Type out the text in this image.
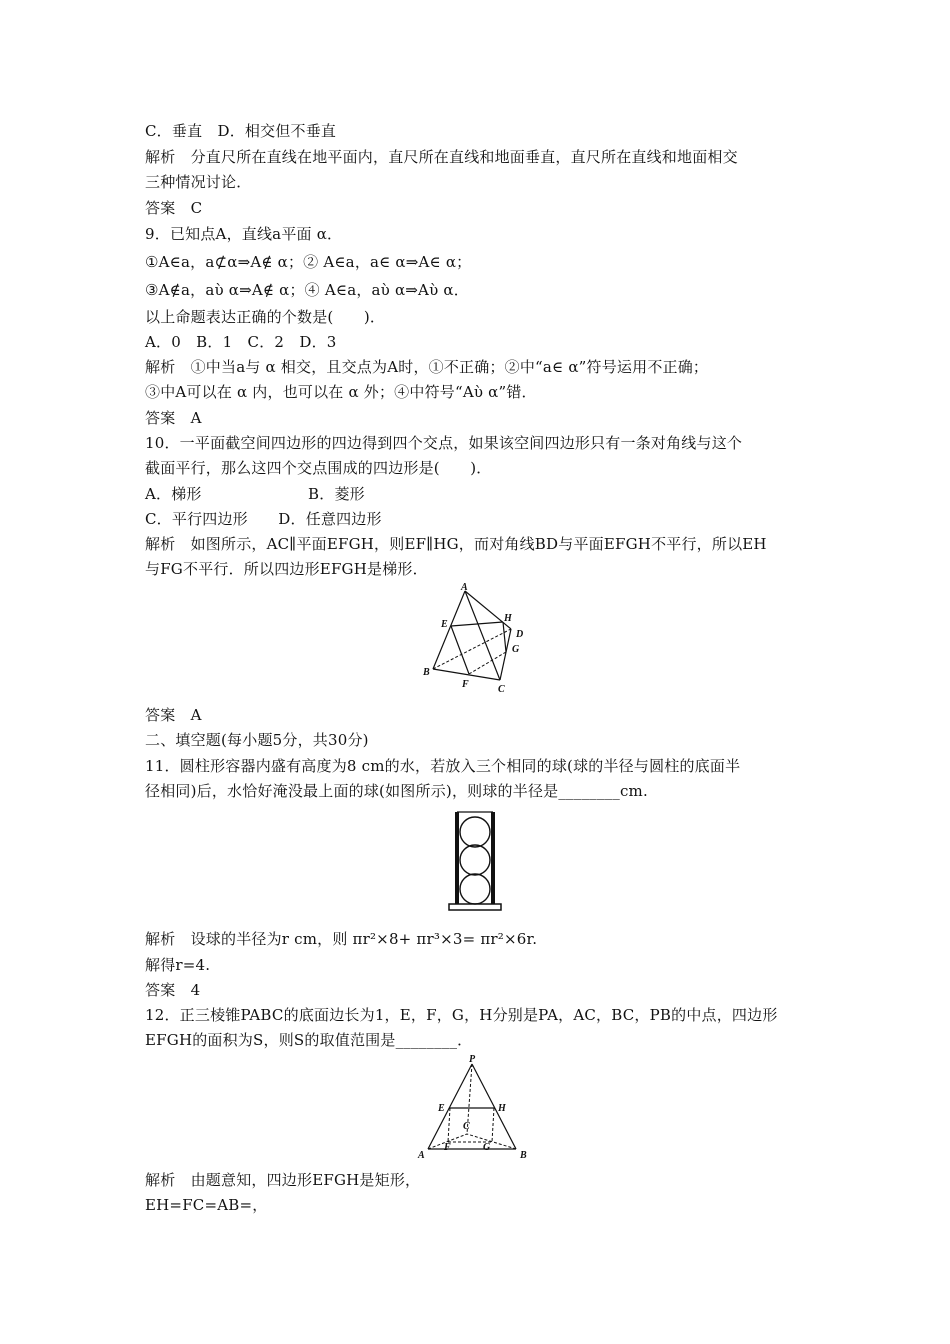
C．垂直　D．相交但不垂直
解析　分直尺所在直线在地平面内，直尺所在直线和地面垂直，直尺所在直线和地面相交
三种情况讨论．
答案　C
9．已知点A，直线a平面 α．
①A∈a，a⊄α⇒A∉ α；② A∈a，a∈ α⇒A∈ α；
③A∉a，aὺ α⇒A∉ α；④ A∈a，aὺ α⇒Aὺ α．
以上命题表达正确的个数是(　　)．
A．0　B．1　C．2　D．3
解析　①中当a与 α 相交，且交点为A时，①不正确；②中“a∈ α”符号运用不正确；
③中A可以在 α 内，也可以在 α 外；④中符号“Aὺ α”错．
答案　A
10．一平面截空间四边形的四边得到四个交点，如果该空间四边形只有一条对角线与这个
截面平行，那么这四个交点围成的四边形是(　　)．
A．梯形　　　　　　　B．菱形
C．平行四边形　　D．任意四边形
解析　如图所示，AC∥平面EFGH，则EF∥HG，而对角线BD与平面EFGH不平行，所以EH
与FG不平行．所以四边形EFGH是梯形．
A
E
H
D
G
B
F	C
答案　A
二、填空题(每小题5分，共30分)
11．圆柱形容器内盛有高度为8 cm的水，若放入三个相同的球(球的半径与圆柱的底面半
径相同)后，水恰好淹没最上面的球(如图所示)，则球的半径是________cm.
解析　设球的半径为r cm，则 πr²×8+ πr³×3= πr²×6r.
解得r=4.
答案　4
12．正三棱锥PABC的底面边长为1，E，F，G，H分别是PA，AC，BC，PB的中点，四边形
EFGH的面积为S，则S的取值范围是________．
P
E	H
C
A
F	G
B
解析　由题意知，四边形EFGH是矩形，
EH=FC=AB=，
